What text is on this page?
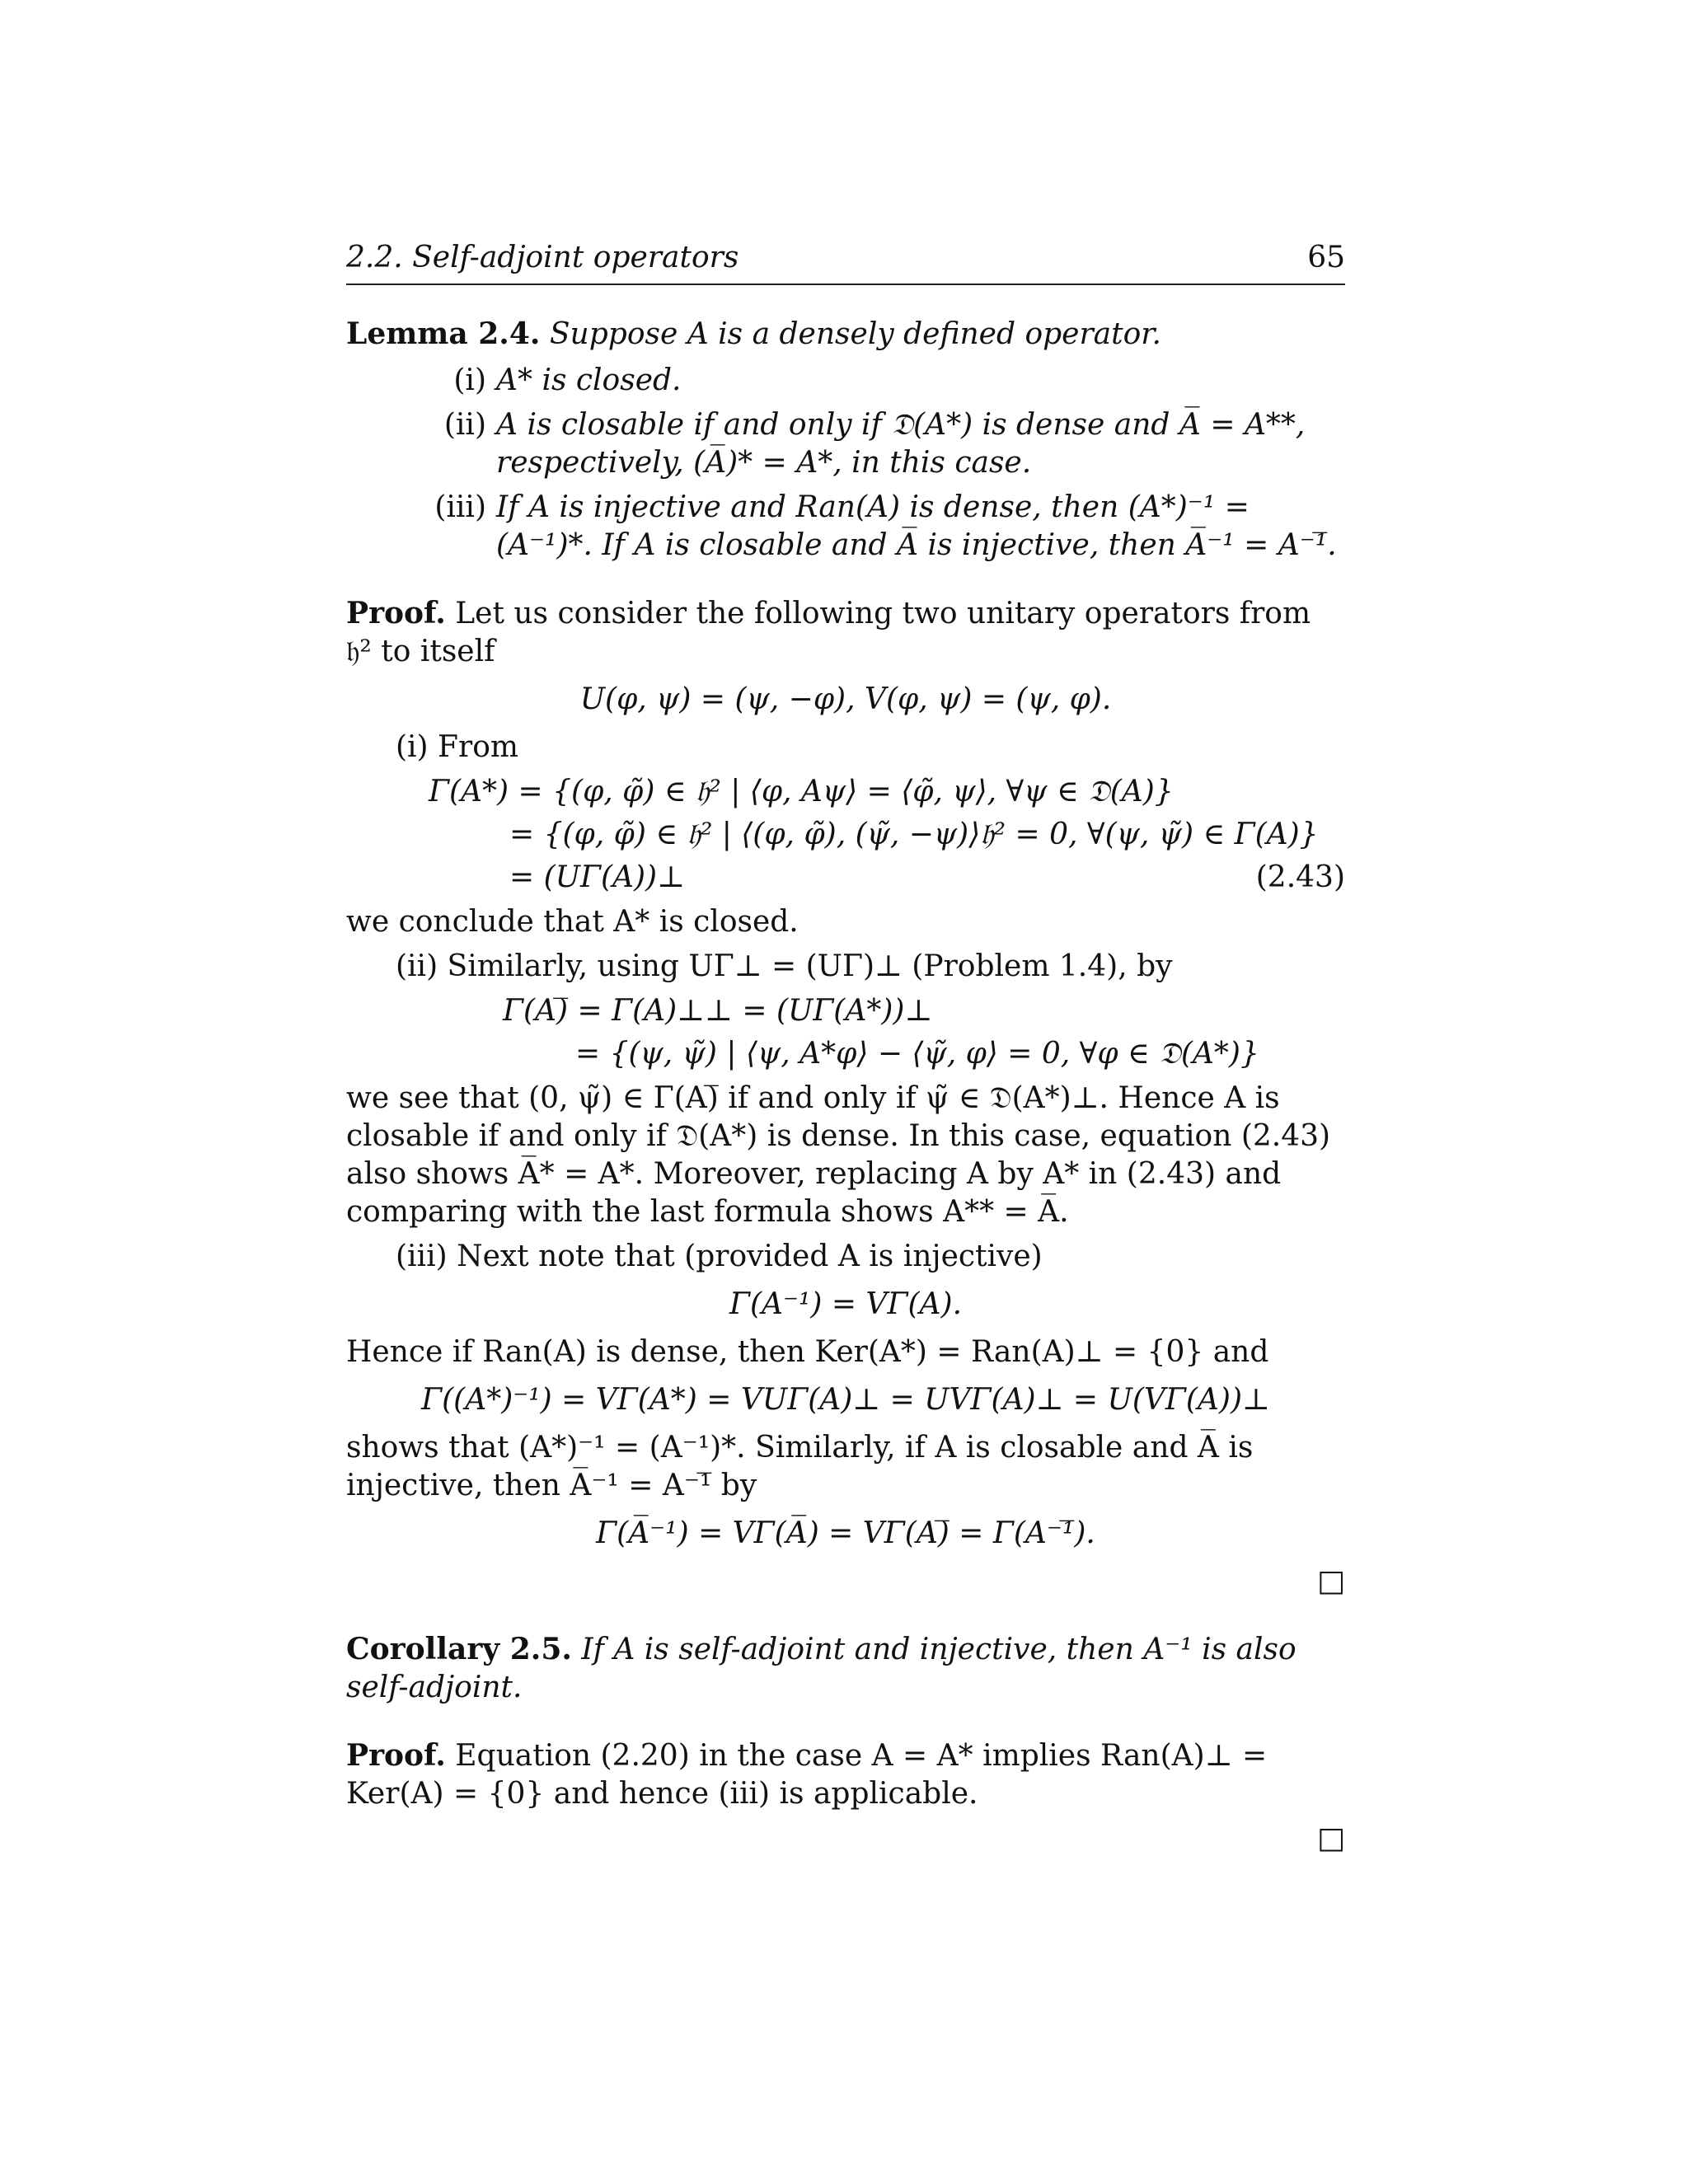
2.2. Self-adjoint operators	65

Lemma 2.4. Suppose A is a densely defined operator.

(i) A* is closed.
(ii) A is closable if and only if 𝔇(A*) is dense and A̅ = A**, respectively, (A̅)* = A*, in this case.
(iii) If A is injective and Ran(A) is dense, then (A*)⁻¹ = (A⁻¹)*. If A is closable and A̅ is injective, then A̅⁻¹ = A⁻¹̅.

Proof. Let us consider the following two unitary operators from 𝔥² to itself

U(φ, ψ) = (ψ, −φ), V(φ, ψ) = (ψ, φ).

(i) From

Γ(A*) = {(φ, φ̃) ∈ 𝔥² | ⟨φ, Aψ⟩ = ⟨φ̃, ψ⟩, ∀ψ ∈ 𝔇(A)}
= {(φ, φ̃) ∈ 𝔥² | ⟨(φ, φ̃), (ψ̃, −ψ)⟩𝔥² = 0, ∀(ψ, ψ̃) ∈ Γ(A)}
= (UΓ(A))⊥	(2.43)

we conclude that A* is closed.

(ii) Similarly, using UΓ⊥ = (UΓ)⊥ (Problem 1.4), by

Γ(A)̅ = Γ(A)⊥⊥ = (UΓ(A*))⊥
= {(ψ, ψ̃) | ⟨ψ, A*φ⟩ − ⟨ψ̃, φ⟩ = 0, ∀φ ∈ 𝔇(A*)}

we see that (0, ψ̃) ∈ Γ(A)̅ if and only if ψ̃ ∈ 𝔇(A*)⊥. Hence A is closable if and only if 𝔇(A*) is dense. In this case, equation (2.43) also shows A̅* = A*. Moreover, replacing A by A* in (2.43) and comparing with the last formula shows A** = A̅.

(iii) Next note that (provided A is injective)

Γ(A⁻¹) = VΓ(A).

Hence if Ran(A) is dense, then Ker(A*) = Ran(A)⊥ = {0} and

Γ((A*)⁻¹) = VΓ(A*) = VUΓ(A)⊥ = UVΓ(A)⊥ = U(VΓ(A))⊥

shows that (A*)⁻¹ = (A⁻¹)*. Similarly, if A is closable and A̅ is injective, then A̅⁻¹ = A⁻¹̅ by

Γ(A̅⁻¹) = VΓ(A̅) = VΓ(A)̅ = Γ(A⁻¹̅).
□

Corollary 2.5. If A is self-adjoint and injective, then A⁻¹ is also self-adjoint.

Proof. Equation (2.20) in the case A = A* implies Ran(A)⊥ = Ker(A) = {0} and hence (iii) is applicable.

□
